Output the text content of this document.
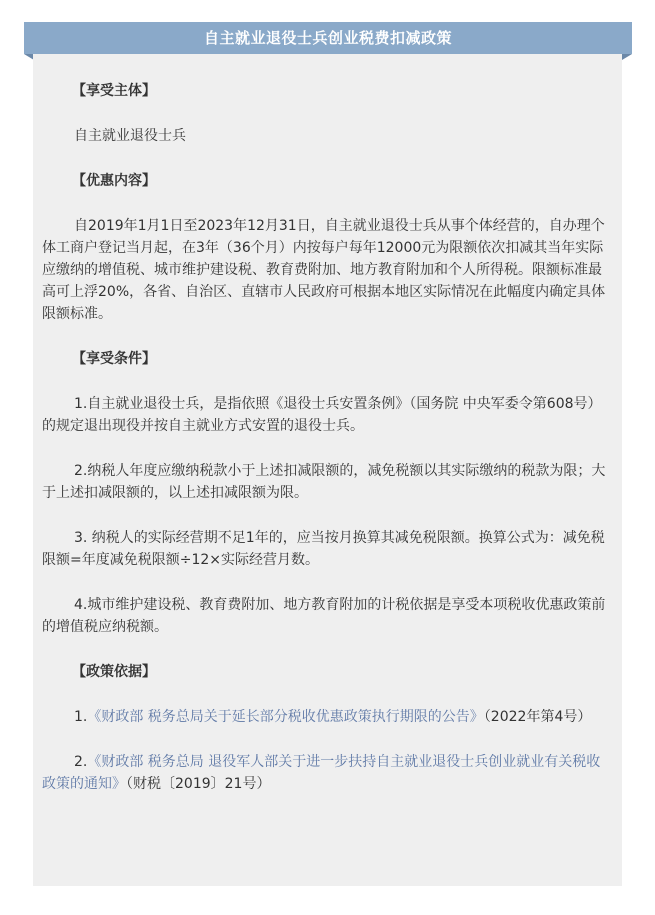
自主就业退役士兵创业税费扣减政策

【享受主体】

自主就业退役士兵

【优惠内容】

自2019年1月1日至2023年12月31日，自主就业退役士兵从事个体经营的，自办理个体工商户登记当月起，在3年（36个月）内按每户每年12000元为限额依次扣减其当年实际应缴纳的增值税、城市维护建设税、教育费附加、地方教育附加和个人所得税。限额标准最高可上浮20%，各省、自治区、直辖市人民政府可根据本地区实际情况在此幅度内确定具体限额标准。

【享受条件】

1.自主就业退役士兵，是指依照《退役士兵安置条例》（国务院 中央军委令第608号）的规定退出现役并按自主就业方式安置的退役士兵。

2.纳税人年度应缴纳税款小于上述扣减限额的，减免税额以其实际缴纳的税款为限；大于上述扣减限额的，以上述扣减限额为限。

3. 纳税人的实际经营期不足1年的，应当按月换算其减免税限额。换算公式为：减免税限额=年度减免税限额÷12×实际经营月数。

4.城市维护建设税、教育费附加、地方教育附加的计税依据是享受本项税收优惠政策前的增值税应纳税额。

【政策依据】

1.《财政部 税务总局关于延长部分税收优惠政策执行期限的公告》（2022年第4号）

2.《财政部 税务总局 退役军人部关于进一步扶持自主就业退役士兵创业就业有关税收政策的通知》（财税〔2019〕21号）
